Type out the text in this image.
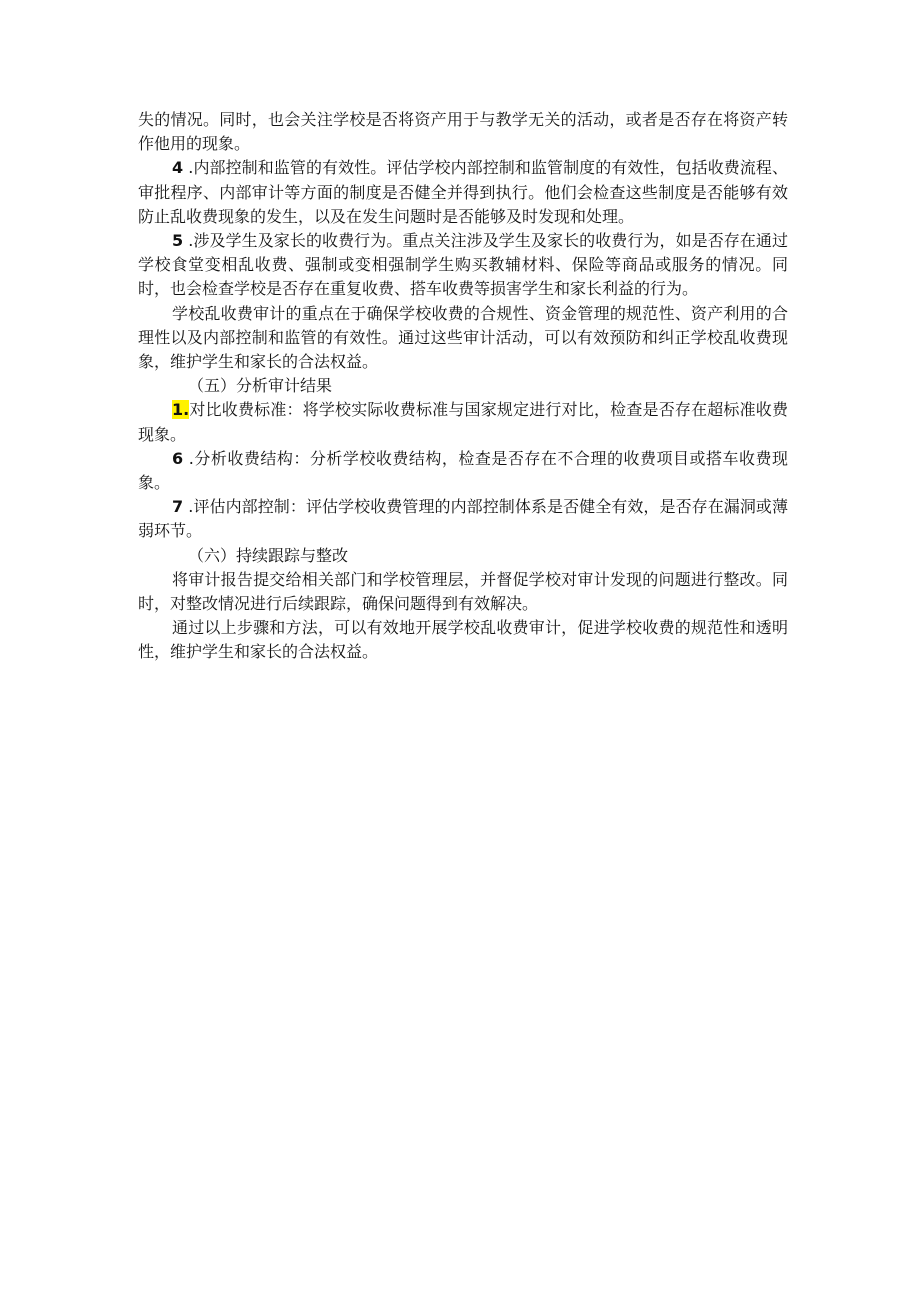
失的情况。同时，也会关注学校是否将资产用于与教学无关的活动，或者是否存在将资产转作他用的现象。

4 .内部控制和监管的有效性。评估学校内部控制和监管制度的有效性，包括收费流程、审批程序、内部审计等方面的制度是否健全并得到执行。他们会检查这些制度是否能够有效防止乱收费现象的发生，以及在发生问题时是否能够及时发现和处理。

5 .涉及学生及家长的收费行为。重点关注涉及学生及家长的收费行为，如是否存在通过学校食堂变相乱收费、强制或变相强制学生购买教辅材料、保险等商品或服务的情况。同时，也会检查学校是否存在重复收费、搭车收费等损害学生和家长利益的行为。

学校乱收费审计的重点在于确保学校收费的合规性、资金管理的规范性、资产利用的合理性以及内部控制和监管的有效性。通过这些审计活动，可以有效预防和纠正学校乱收费现象，维护学生和家长的合法权益。

（五）分析审计结果

1.对比收费标准：将学校实际收费标准与国家规定进行对比，检查是否存在超标准收费现象。

6 .分析收费结构：分析学校收费结构，检查是否存在不合理的收费项目或搭车收费现象。

7 .评估内部控制：评估学校收费管理的内部控制体系是否健全有效，是否存在漏洞或薄弱环节。

（六）持续跟踪与整改

将审计报告提交给相关部门和学校管理层，并督促学校对审计发现的问题进行整改。同时，对整改情况进行后续跟踪，确保问题得到有效解决。

通过以上步骤和方法，可以有效地开展学校乱收费审计，促进学校收费的规范性和透明性，维护学生和家长的合法权益。
